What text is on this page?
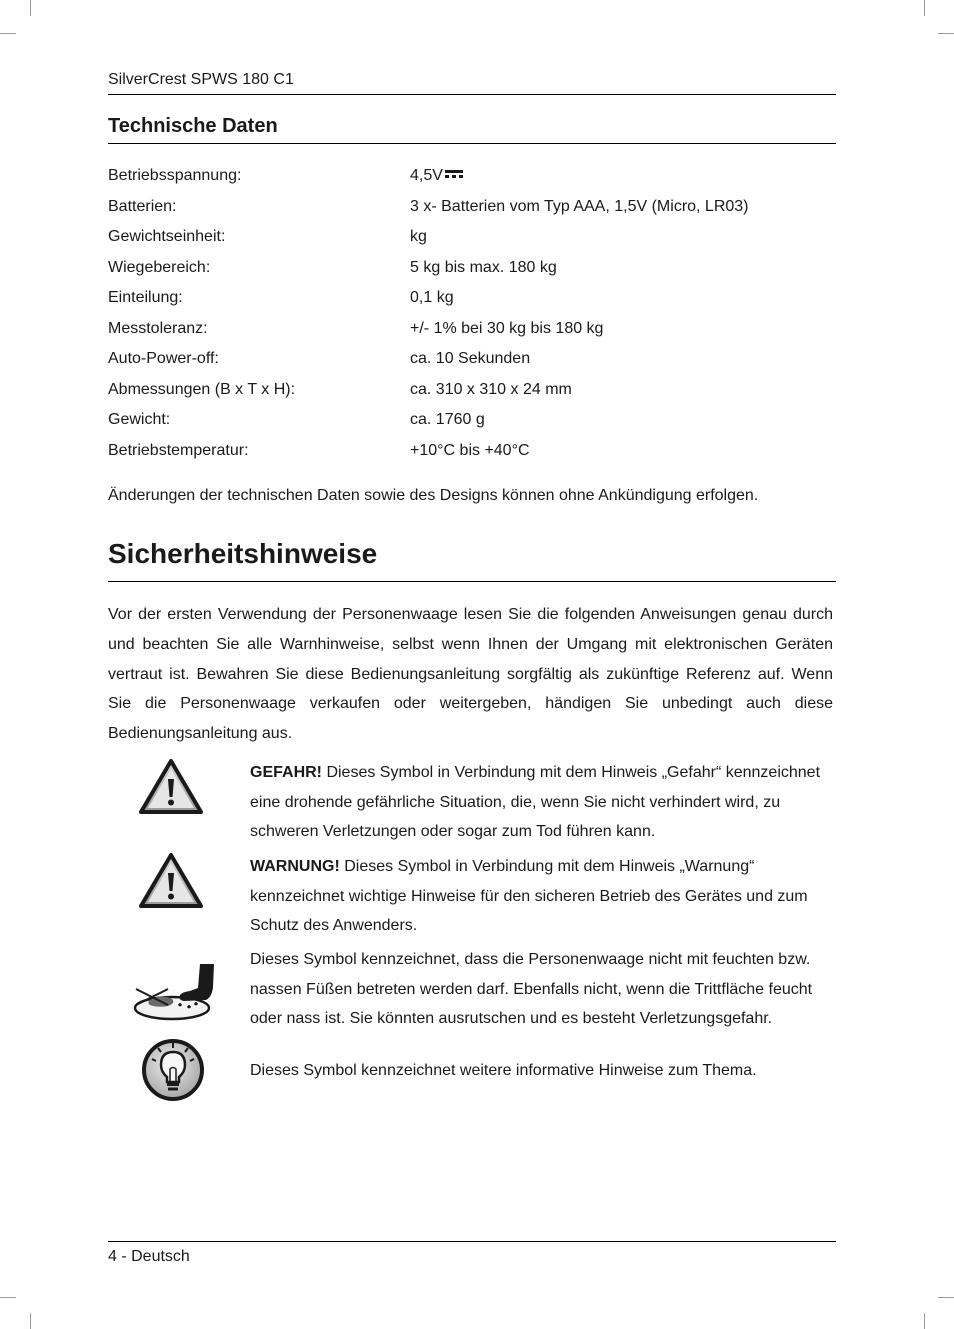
SilverCrest SPWS 180 C1
Technische Daten
Betriebsspannung:	4,5V
Batterien:	3 x- Batterien vom Typ AAA, 1,5V (Micro, LR03)
Gewichtseinheit:	kg
Wiegebereich:	5 kg bis max. 180 kg
Einteilung:	0,1 kg
Messtoleranz:	+/- 1% bei 30 kg bis 180 kg
Auto-Power-off:	ca. 10 Sekunden
Abmessungen (B x T x H):	ca. 310 x 310 x 24 mm
Gewicht:	ca. 1760 g
Betriebstemperatur:	+10°C bis +40°C
Änderungen der technischen Daten sowie des Designs können ohne Ankündigung erfolgen.
Sicherheitshinweise

Vor der ersten Verwendung der Personenwaage lesen Sie die folgenden Anweisungen genau durch und beachten Sie alle Warnhinweise, selbst wenn Ihnen der Umgang mit elektronischen Geräten vertraut ist. Bewahren Sie diese Bedienungsanleitung sorgfältig als zukünftige Referenz auf. Wenn Sie die Personenwaage verkaufen oder weitergeben, händigen Sie unbedingt auch diese Bedienungsanleitung aus.

GEFAHR! Dieses Symbol in Verbindung mit dem Hinweis „Gefahr“ kennzeichnet eine drohende gefährliche Situation, die, wenn Sie nicht verhindert wird, zu schweren Verletzungen oder sogar zum Tod führen kann.

WARNUNG! Dieses Symbol in Verbindung mit dem Hinweis „Warnung“ kennzeichnet wichtige Hinweise für den sicheren Betrieb des Gerätes und zum Schutz des Anwenders.

Dieses Symbol kennzeichnet, dass die Personenwaage nicht mit feuchten bzw. nassen Füßen betreten werden darf. Ebenfalls nicht, wenn die Trittfläche feucht oder nass ist. Sie könnten ausrutschen und es besteht Verletzungsgefahr.

Dieses Symbol kennzeichnet weitere informative Hinweise zum Thema.

4 - Deutsch
